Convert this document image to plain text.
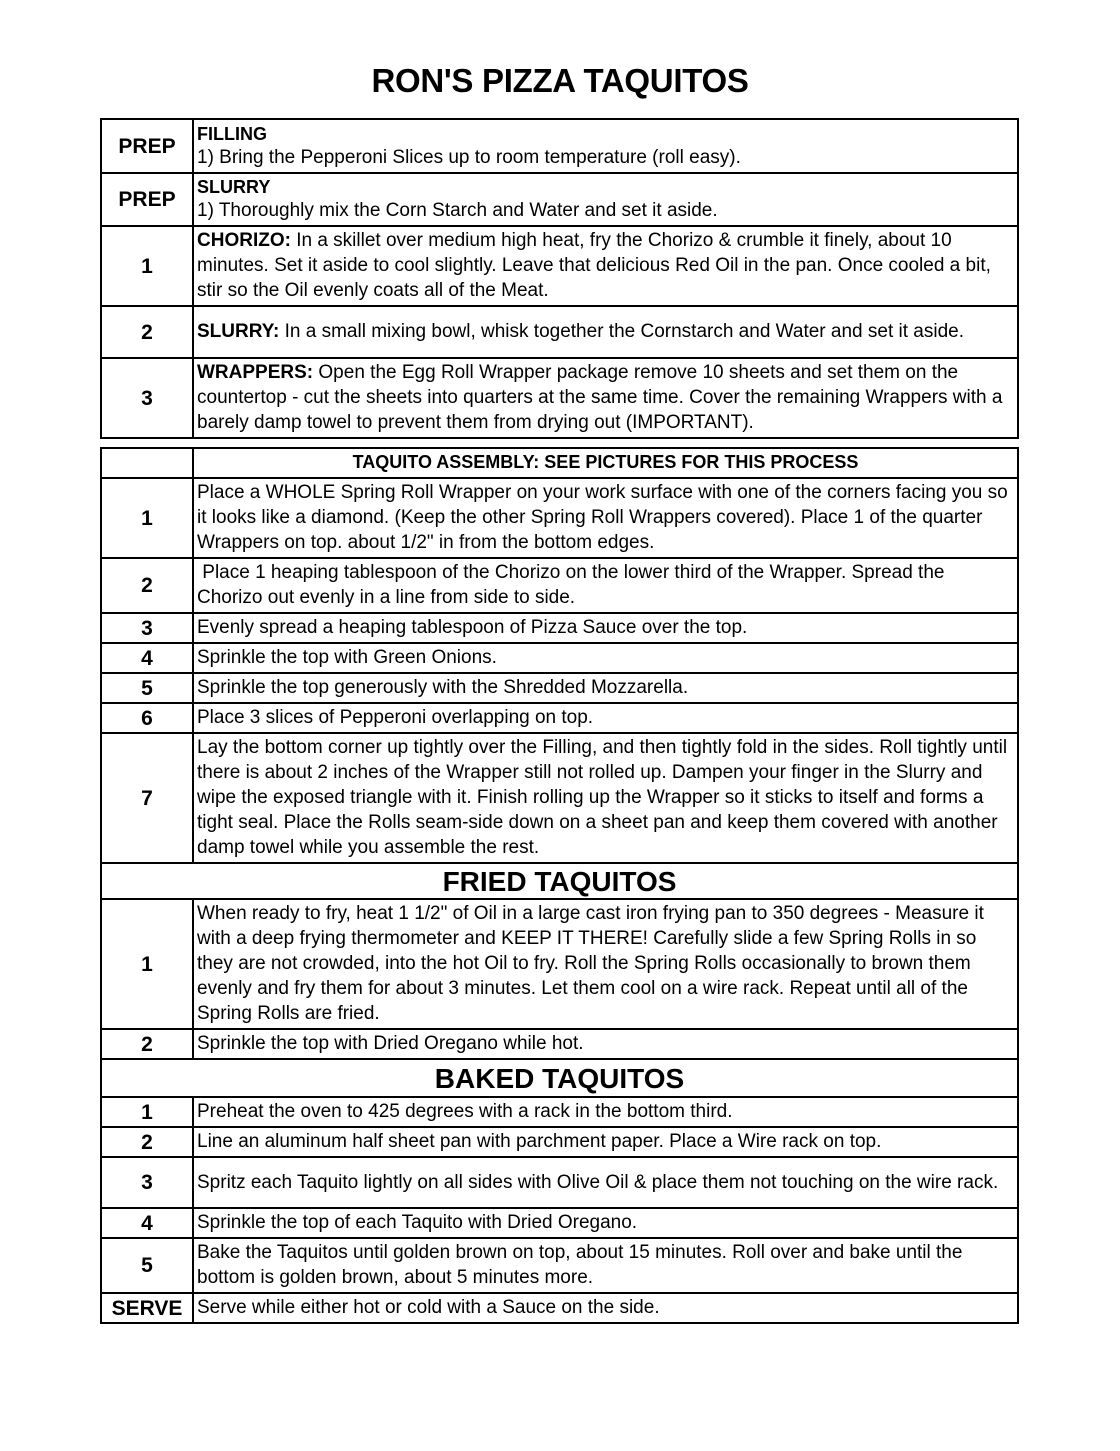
RON'S PIZZA TAQUITOS
PREP	FILLING
1) Bring the Pepperoni Slices up to room temperature (roll easy).
PREP	SLURRY
1) Thoroughly mix the Corn Starch and Water and set it aside.
1	CHORIZO: In a skillet over medium high heat, fry the Chorizo & crumble it finely, about 10 minutes. Set it aside to cool slightly. Leave that delicious Red Oil in the pan. Once cooled a bit, stir so the Oil evenly coats all of the Meat.
2	SLURRY: In a small mixing bowl, whisk together the Cornstarch and Water and set it aside.
3	WRAPPERS: Open the Egg Roll Wrapper package remove 10 sheets and set them on the countertop - cut the sheets into quarters at the same time. Cover the remaining Wrappers with a barely damp towel to prevent them from drying out (IMPORTANT).
	TAQUITO ASSEMBLY: SEE PICTURES FOR THIS PROCESS
1	Place a WHOLE Spring Roll Wrapper on your work surface with one of the corners facing you so it looks like a diamond. (Keep the other Spring Roll Wrappers covered). Place 1 of the quarter Wrappers on top. about 1/2" in from the bottom edges.
2	Place 1 heaping tablespoon of the Chorizo on the lower third of the Wrapper. Spread the Chorizo out evenly in a line from side to side.
3	Evenly spread a heaping tablespoon of Pizza Sauce over the top.
4	Sprinkle the top with Green Onions.
5	Sprinkle the top generously with the Shredded Mozzarella.
6	Place 3 slices of Pepperoni overlapping on top.
7	Lay the bottom corner up tightly over the Filling, and then tightly fold in the sides. Roll tightly until there is about 2 inches of the Wrapper still not rolled up. Dampen your finger in the Slurry and wipe the exposed triangle with it. Finish rolling up the Wrapper so it sticks to itself and forms a tight seal. Place the Rolls seam-side down on a sheet pan and keep them covered with another damp towel while you assemble the rest.
FRIED TAQUITOS	
1	When ready to fry, heat 1 1/2" of Oil in a large cast iron frying pan to 350 degrees - Measure it with a deep frying thermometer and KEEP IT THERE! Carefully slide a few Spring Rolls in so they are not crowded, into the hot Oil to fry. Roll the Spring Rolls occasionally to brown them evenly and fry them for about 3 minutes. Let them cool on a wire rack. Repeat until all of the Spring Rolls are fried.
2	Sprinkle the top with Dried Oregano while hot.
BAKED TAQUITOS	
1	Preheat the oven to 425 degrees with a rack in the bottom third.
2	Line an aluminum half sheet pan with parchment paper. Place a Wire rack on top.
3	Spritz each Taquito lightly on all sides with Olive Oil & place them not touching on the wire rack.
4	Sprinkle the top of each Taquito with Dried Oregano.
5	Bake the Taquitos until golden brown on top, about 15 minutes. Roll over and bake until the bottom is golden brown, about 5 minutes more.
SERVE	Serve while either hot or cold with a Sauce on the side.
